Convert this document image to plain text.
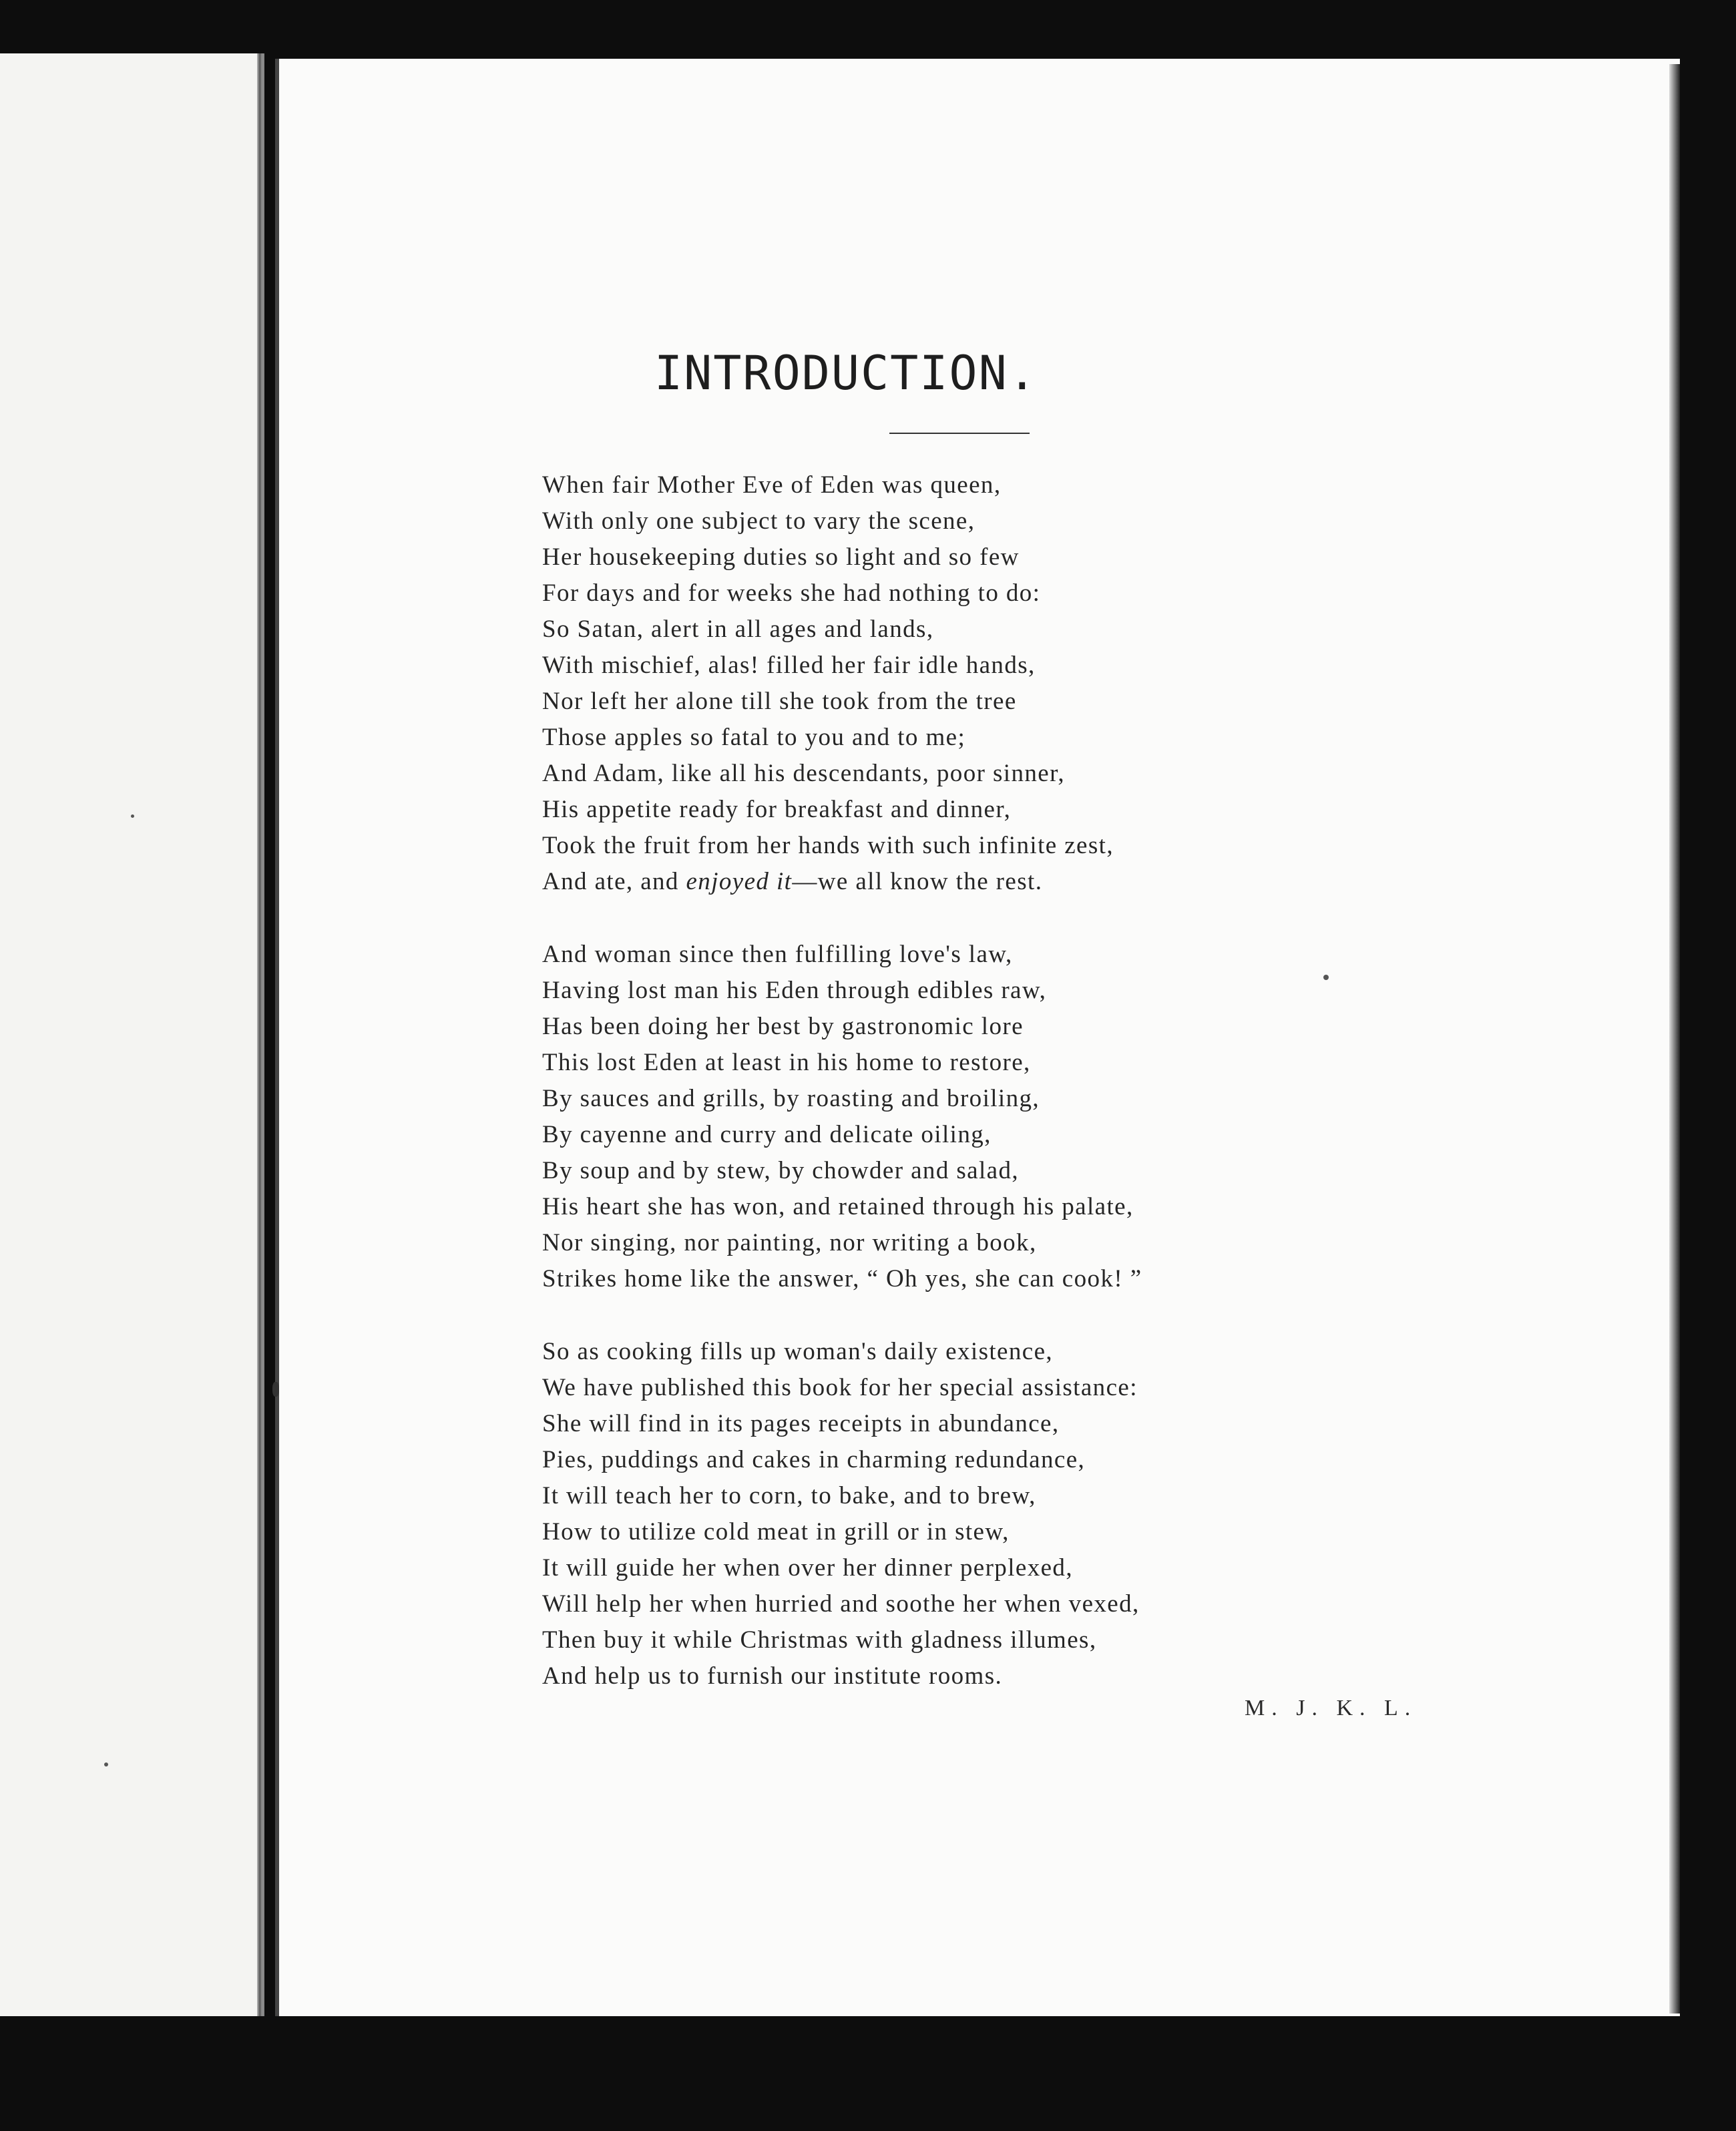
INTRODUCTION.
When fair Mother Eve of Eden was queen,
With only one subject to vary the scene,
Her housekeeping duties so light and so few
For days and for weeks she had nothing to do:
So Satan, alert in all ages and lands,
With mischief, alas! filled her fair idle hands,
Nor left her alone till she took from the tree
Those apples so fatal to you and to me;
And Adam, like all his descendants, poor sinner,
His appetite ready for breakfast and dinner,
Took the fruit from her hands with such infinite zest,
And ate, and enjoyed it—we all know the rest.
And woman since then fulfilling love's law,
Having lost man his Eden through edibles raw,
Has been doing her best by gastronomic lore
This lost Eden at least in his home to restore,
By sauces and grills, by roasting and broiling,
By cayenne and curry and delicate oiling,
By soup and by stew, by chowder and salad,
His heart she has won, and retained through his palate,
Nor singing, nor painting, nor writing a book,
Strikes home like the answer, “ Oh yes, she can cook! ”
So as cooking fills up woman's daily existence,
We have published this book for her special assistance:
She will find in its pages receipts in abundance,
Pies, puddings and cakes in charming redundance,
It will teach her to corn, to bake, and to brew,
How to utilize cold meat in grill or in stew,
It will guide her when over her dinner perplexed,
Will help her when hurried and soothe her when vexed,
Then buy it while Christmas with gladness illumes,
And help us to furnish our institute rooms.
M. J. K. L.
